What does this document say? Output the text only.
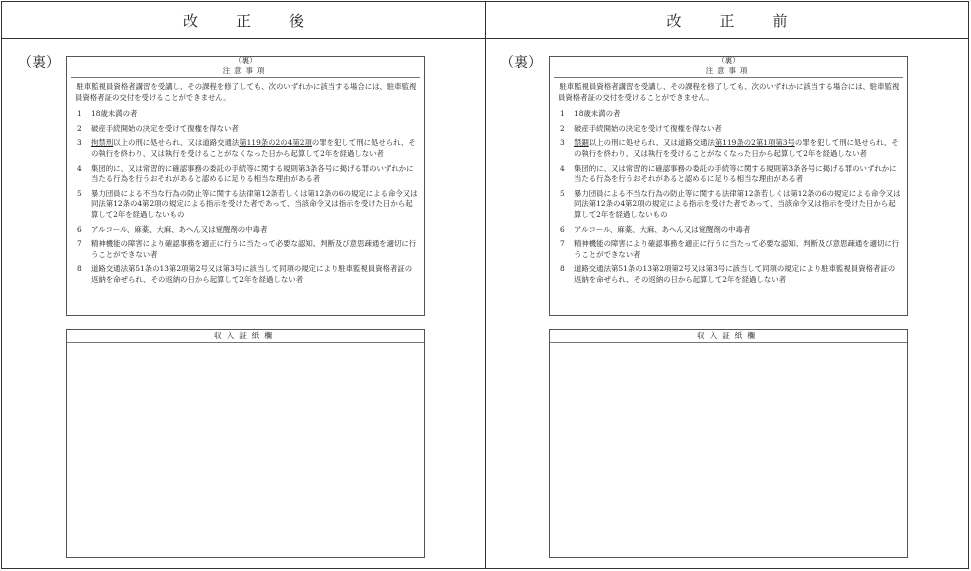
改正後
（裏）	（裏）
注意事項
駐車監視員資格者講習を受講し、その課程を修了しても、次のいずれかに該当する場合には、駐車監視員資格者証の交付を受けることができません。
1	18歳未満の者
2	破産手続開始の決定を受けて復権を得ない者
3	拘禁刑以上の刑に処せられ、又は道路交通法第119条の2の4第2項の罪を犯して刑に処せられ、その執行を終わり、又は執行を受けることがなくなった日から起算して2年を経過しない者
4	集団的に、又は常習的に確認事務の委託の手続等に関する規則第3条各号に掲げる罪のいずれかに当たる行為を行うおそれがあると認めるに足りる相当な理由がある者
5	暴力団員による不当な行為の防止等に関する法律第12条若しくは第12条の6の規定による命令又は同法第12条の4第2項の規定による指示を受けた者であって、当該命令又は指示を受けた日から起算して2年を経過しないもの
6	アルコール、麻薬、大麻、あへん又は覚醒剤の中毒者
7	精神機能の障害により確認事務を適正に行うに当たって必要な認知、判断及び意思疎通を適切に行うことができない者
8	道路交通法第51条の13第2項第2号又は第3号に該当して同項の規定により駐車監視員資格者証の返納を命ぜられ、その返納の日から起算して2年を経過しない者
収入証紙欄
改正前
（裏）	（裏）
注意事項
駐車監視員資格者講習を受講し、その課程を修了しても、次のいずれかに該当する場合には、駐車監視員資格者証の交付を受けることができません。
1	18歳未満の者
2	破産手続開始の決定を受けて復権を得ない者
3	禁錮以上の刑に処せられ、又は道路交通法第119条の2第1項第3号の罪を犯して刑に処せられ、その執行を終わり、又は執行を受けることがなくなった日から起算して2年を経過しない者
4	集団的に、又は常習的に確認事務の委託の手続等に関する規則第3条各号に掲げる罪のいずれかに当たる行為を行うおそれがあると認めるに足りる相当な理由がある者
5	暴力団員による不当な行為の防止等に関する法律第12条若しくは第12条の6の規定による命令又は同法第12条の4第2項の規定による指示を受けた者であって、当該命令又は指示を受けた日から起算して2年を経過しないもの
6	アルコール、麻薬、大麻、あへん又は覚醒剤の中毒者
7	精神機能の障害により確認事務を適正に行うに当たって必要な認知、判断及び意思疎通を適切に行うことができない者
8	道路交通法第51条の13第2項第2号又は第3号に該当して同項の規定により駐車監視員資格者証の返納を命ぜられ、その返納の日から起算して2年を経過しない者
収入証紙欄
